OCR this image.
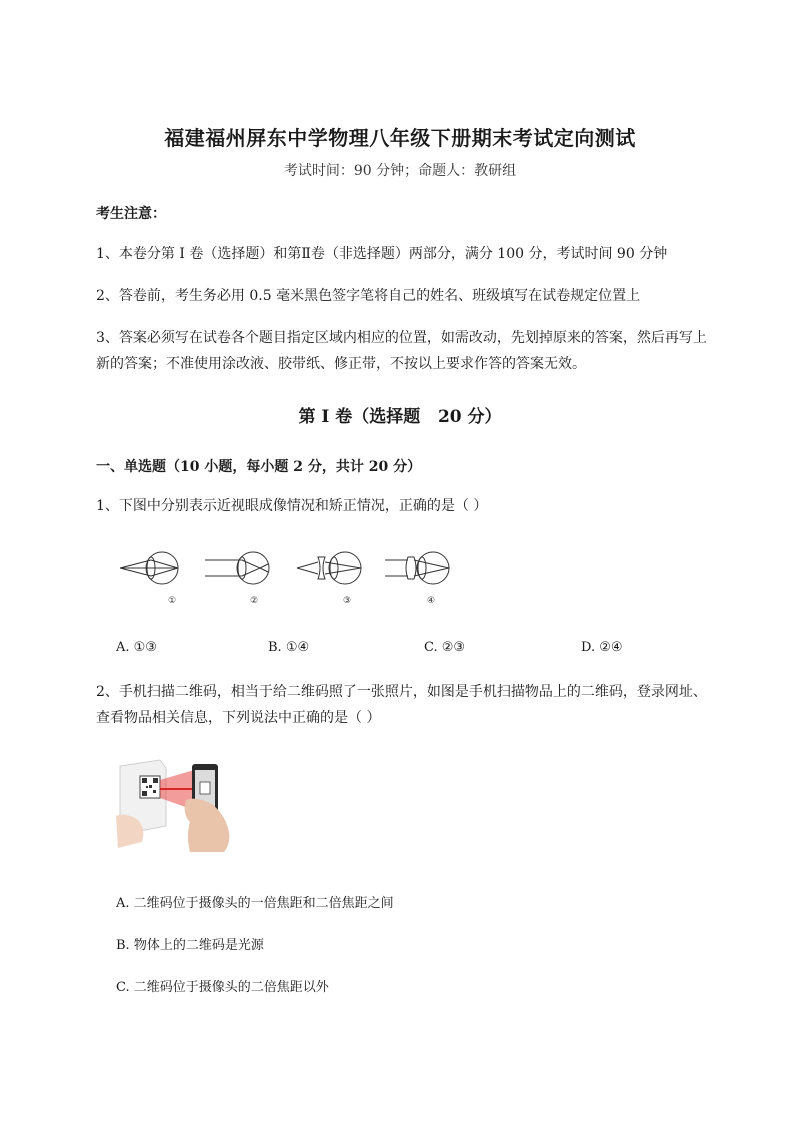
福建福州屏东中学物理八年级下册期末考试定向测试
考试时间：90 分钟；命题人：教研组
考生注意：
1、本卷分第 I 卷（选择题）和第Ⅱ卷（非选择题）两部分，满分 100 分，考试时间 90 分钟
2、答卷前，考生务必用 0.5 毫米黑色签字笔将自己的姓名、班级填写在试卷规定位置上
3、答案必须写在试卷各个题目指定区域内相应的位置，如需改动，先划掉原来的答案，然后再写上新的答案；不准使用涂改液、胶带纸、修正带，不按以上要求作答的答案无效。
第 I 卷（选择题   20 分）
一、单选题（10 小题，每小题 2 分，共计 20 分）
1、下图中分别表示近视眼成像情况和矫正情况，正确的是（ ）
①	②	③	④
A. ①③	B. ①④	C. ②③	D. ②④
2、手机扫描二维码，相当于给二维码照了一张照片，如图是手机扫描物品上的二维码，登录网址、查看物品相关信息，下列说法中正确的是（ ）
A. 二维码位于摄像头的一倍焦距和二倍焦距之间
B. 物体上的二维码是光源
C. 二维码位于摄像头的二倍焦距以外
